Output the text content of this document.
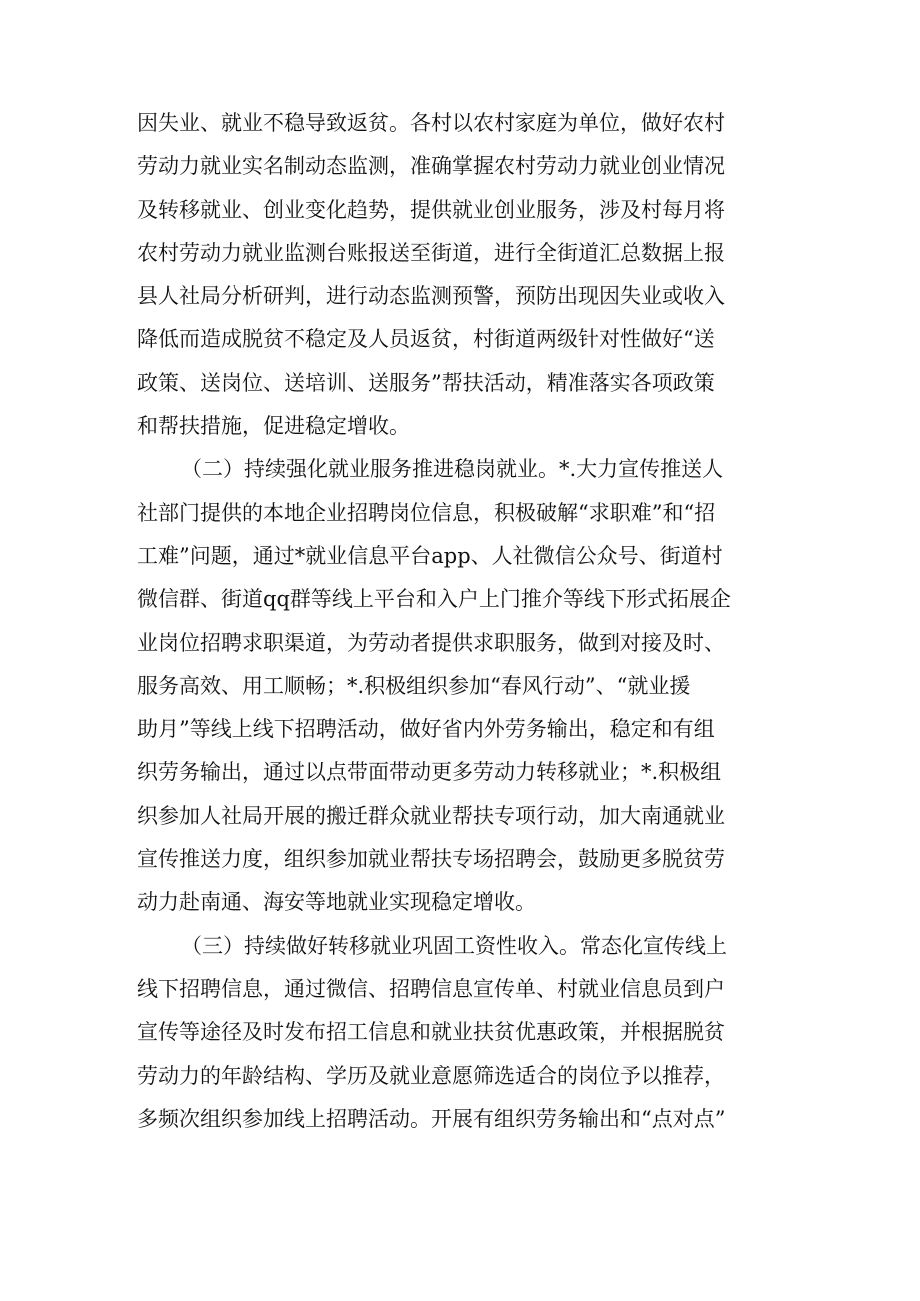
因失业、就业不稳导致返贫。各村以农村家庭为单位，做好农村
劳动力就业实名制动态监测，准确掌握农村劳动力就业创业情况
及转移就业、创业变化趋势，提供就业创业服务，涉及村每月将
农村劳动力就业监测台账报送至街道，进行全街道汇总数据上报
县人社局分析研判，进行动态监测预警，预防出现因失业或收入
降低而造成脱贫不稳定及人员返贫，村街道两级针对性做好“送
政策、送岗位、送培训、送服务”帮扶活动，精准落实各项政策
和帮扶措施，促进稳定增收。
（二）持续强化就业服务推进稳岗就业。*.大力宣传推送人
社部门提供的本地企业招聘岗位信息，积极破解“求职难”和“招
工难”问题，通过*就业信息平台app、人社微信公众号、街道村
微信群、街道qq群等线上平台和入户上门推介等线下形式拓展企
业岗位招聘求职渠道，为劳动者提供求职服务，做到对接及时、
服务高效、用工顺畅；*.积极组织参加“春风行动”、“就业援
助月”等线上线下招聘活动，做好省内外劳务输出，稳定和有组
织劳务输出，通过以点带面带动更多劳动力转移就业；*.积极组
织参加人社局开展的搬迁群众就业帮扶专项行动，加大南通就业
宣传推送力度，组织参加就业帮扶专场招聘会，鼓励更多脱贫劳
动力赴南通、海安等地就业实现稳定增收。
（三）持续做好转移就业巩固工资性收入。常态化宣传线上
线下招聘信息，通过微信、招聘信息宣传单、村就业信息员到户
宣传等途径及时发布招工信息和就业扶贫优惠政策，并根据脱贫
劳动力的年龄结构、学历及就业意愿筛选适合的岗位予以推荐，
多频次组织参加线上招聘活动。开展有组织劳务输出和“点对点”
